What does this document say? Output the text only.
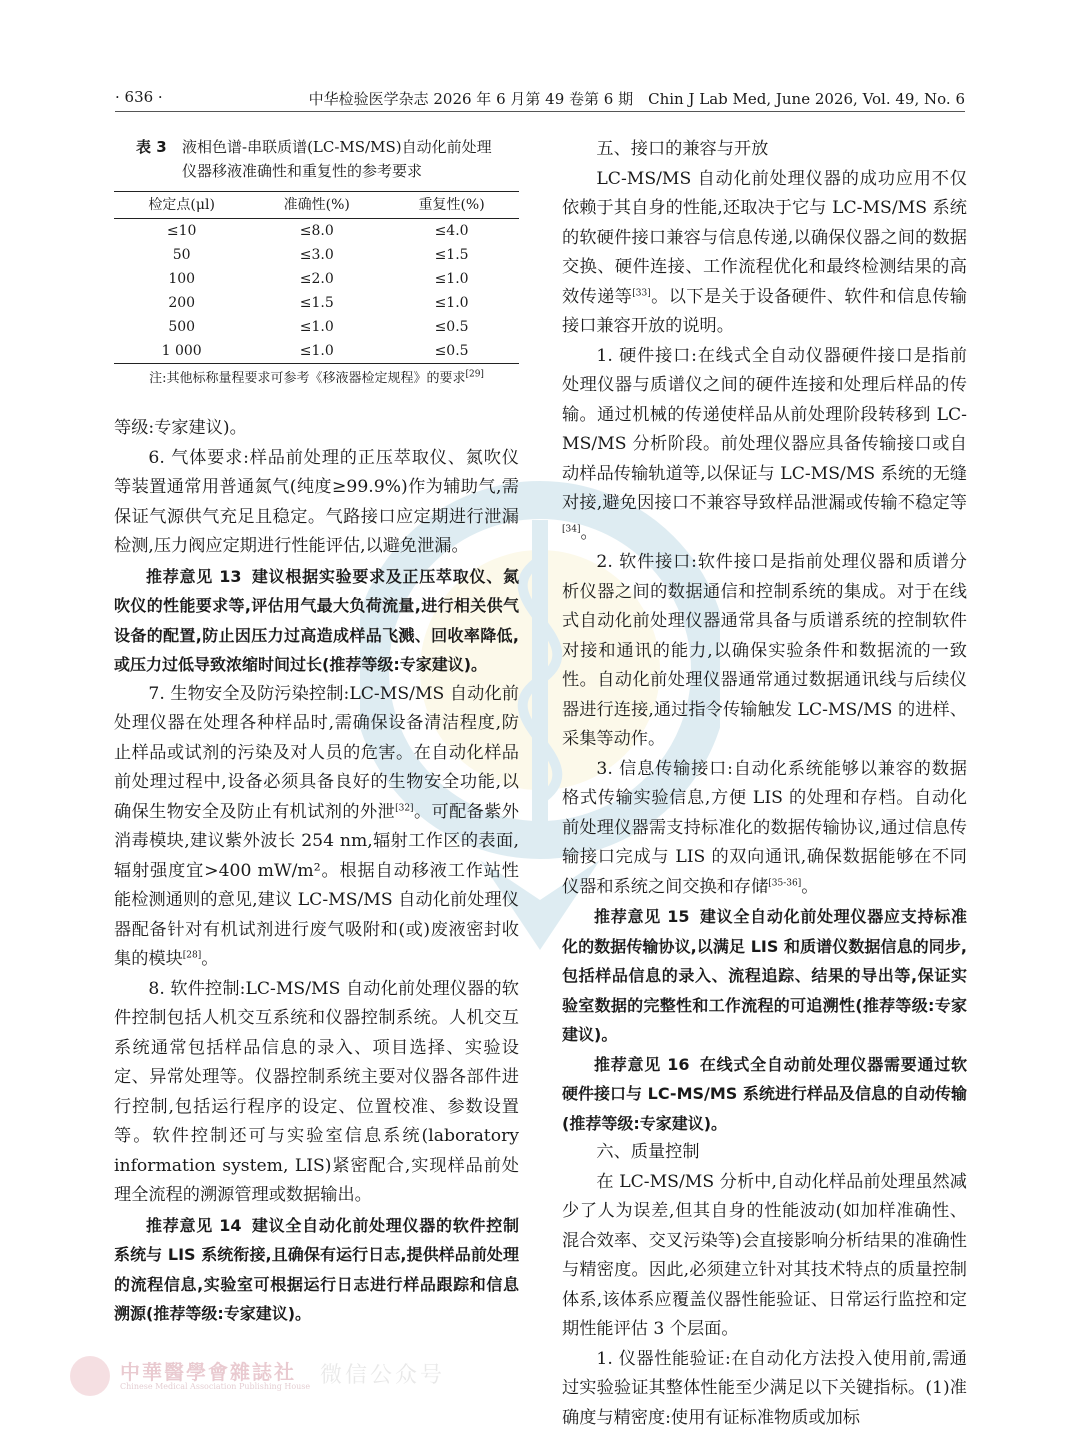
· 636 ·	中华检验医学杂志 2026 年 6 月第 49 卷第 6 期　Chin J Lab Med, June 2026, Vol. 49, No. 6
表 3	液相色谱-串联质谱(LC-MS/MS)自动化前处理仪器移液准确性和重复性的参考要求
检定点(μl)	准确性(%)	重复性(%)
≤10	≤8.0	≤4.0
50	≤3.0	≤1.5
100	≤2.0	≤1.0
200	≤1.5	≤1.0
500	≤1.0	≤0.5
1 000	≤1.0	≤0.5
注:其他标称量程要求可参考《移液器检定规程》的要求[29]

等级:专家建议)。

6. 气体要求:样品前处理的正压萃取仪、氮吹仪等装置通常用普通氮气(纯度≥99.9%)作为辅助气,需保证气源供气充足且稳定。气路接口应定期进行泄漏检测,压力阀应定期进行性能评估,以避免泄漏。

推荐意见 13 建议根据实验要求及正压萃取仪、氮吹仪的性能要求等,评估用气最大负荷流量,进行相关供气设备的配置,防止因压力过高造成样品飞溅、回收率降低,或压力过低导致浓缩时间过长(推荐等级:专家建议)。

7. 生物安全及防污染控制:LC-MS/MS 自动化前处理仪器在处理各种样品时,需确保设备清洁程度,防止样品或试剂的污染及对人员的危害。在自动化样品前处理过程中,设备必须具备良好的生物安全功能,以确保生物安全及防止有机试剂的外泄[32]。可配备紫外消毒模块,建议紫外波长 254 nm,辐射工作区的表面,辐射强度宜>400 mW/m²。根据自动移液工作站性能检测通则的意见,建议 LC-MS/MS 自动化前处理仪器配备针对有机试剂进行废气吸附和(或)废液密封收集的模块[28]。

8. 软件控制:LC-MS/MS 自动化前处理仪器的软件控制包括人机交互系统和仪器控制系统。人机交互系统通常包括样品信息的录入、项目选择、实验设定、异常处理等。仪器控制系统主要对仪器各部件进行控制,包括运行程序的设定、位置校准、参数设置等。软件控制还可与实验室信息系统(laboratory information system, LIS)紧密配合,实现样品前处理全流程的溯源管理或数据输出。

推荐意见 14 建议全自动化前处理仪器的软件控制系统与 LIS 系统衔接,且确保有运行日志,提供样品前处理的流程信息,实验室可根据运行日志进行样品跟踪和信息溯源(推荐等级:专家建议)。

五、接口的兼容与开放

LC-MS/MS 自动化前处理仪器的成功应用不仅依赖于其自身的性能,还取决于它与 LC-MS/MS 系统的软硬件接口兼容与信息传递,以确保仪器之间的数据交换、硬件连接、工作流程优化和最终检测结果的高效传递等[33]。以下是关于设备硬件、软件和信息传输接口兼容开放的说明。

1. 硬件接口:在线式全自动仪器硬件接口是指前处理仪器与质谱仪之间的硬件连接和处理后样品的传输。通过机械的传递使样品从前处理阶段转移到 LC-MS/MS 分析阶段。前处理仪器应具备传输接口或自动样品传输轨道等,以保证与 LC-MS/MS 系统的无缝对接,避免因接口不兼容导致样品泄漏或传输不稳定等[34]。

2. 软件接口:软件接口是指前处理仪器和质谱分析仪器之间的数据通信和控制系统的集成。对于在线式自动化前处理仪器通常具备与质谱系统的控制软件对接和通讯的能力,以确保实验条件和数据流的一致性。自动化前处理仪器通常通过数据通讯线与后续仪器进行连接,通过指令传输触发 LC-MS/MS 的进样、采集等动作。

3. 信息传输接口:自动化系统能够以兼容的数据格式传输实验信息,方便 LIS 的处理和存档。自动化前处理仪器需支持标准化的数据传输协议,通过信息传输接口完成与 LIS 的双向通讯,确保数据能够在不同仪器和系统之间交换和存储[35-36]。

推荐意见 15 建议全自动化前处理仪器应支持标准化的数据传输协议,以满足 LIS 和质谱仪数据信息的同步,包括样品信息的录入、流程追踪、结果的导出等,保证实验室数据的完整性和工作流程的可追溯性(推荐等级:专家建议)。

推荐意见 16 在线式全自动前处理仪器需要通过软硬件接口与 LC-MS/MS 系统进行样品及信息的自动传输(推荐等级:专家建议)。

六、质量控制

在 LC-MS/MS 分析中,自动化样品前处理虽然减少了人为误差,但其自身的性能波动(如加样准确性、混合效率、交叉污染等)会直接影响分析结果的准确性与精密度。因此,必须建立针对其技术特点的质量控制体系,该体系应覆盖仪器性能验证、日常运行监控和定期性能评估 3 个层面。

1. 仪器性能验证:在自动化方法投入使用前,需通过实验验证其整体性能至少满足以下关键指标。(1)准确度与精密度:使用有证标准物质或加标

中華醫學會雜誌社
Chinese Medical Association Publishing House 微信公众号
